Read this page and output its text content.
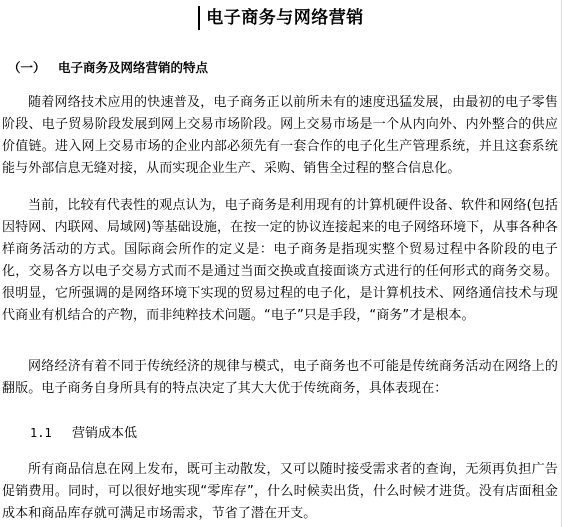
电子商务与网络营销
（一） 电子商务及网络营销的特点

随着网络技术应用的快速普及，电子商务正以前所未有的速度迅猛发展，由最初的电子零售阶段、电子贸易阶段发展到网上交易市场阶段。网上交易市场是一个从内向外、内外整合的供应价值链。进入网上交易市场的企业内部必须先有一套合作的电子化生产管理系统，并且这套系统能与外部信息无缝对接，从而实现企业生产、采购、销售全过程的整合信息化。

当前，比较有代表性的观点认为，电子商务是利用现有的计算机硬件设备、软件和网络(包括因特网、内联网、局域网)等基础设施，在按一定的协议连接起来的电子网络环境下，从事各种各样商务活动的方式。国际商会所作的定义是：电子商务是指现实整个贸易过程中各阶段的电子化，交易各方以电子交易方式而不是通过当面交换或直接面谈方式进行的任何形式的商务交易。很明显，它所强调的是网络环境下实现的贸易过程的电子化，是计算机技术、网络通信技术与现代商业有机结合的产物，而非纯粹技术问题。“电子”只是手段，“商务”才是根本。

网络经济有着不同于传统经济的规律与模式，电子商务也不可能是传统商务活动在网络上的翻版。电子商务自身所具有的特点决定了其大大优于传统商务，具体表现在：

1.1 营销成本低

所有商品信息在网上发布，既可主动散发，又可以随时接受需求者的查询，无须再负担广告促销费用。同时，可以很好地实现“零库存”，什么时候卖出货，什么时候才进货。没有店面租金成本和商品库存就可满足市场需求，节省了潜在开支。
